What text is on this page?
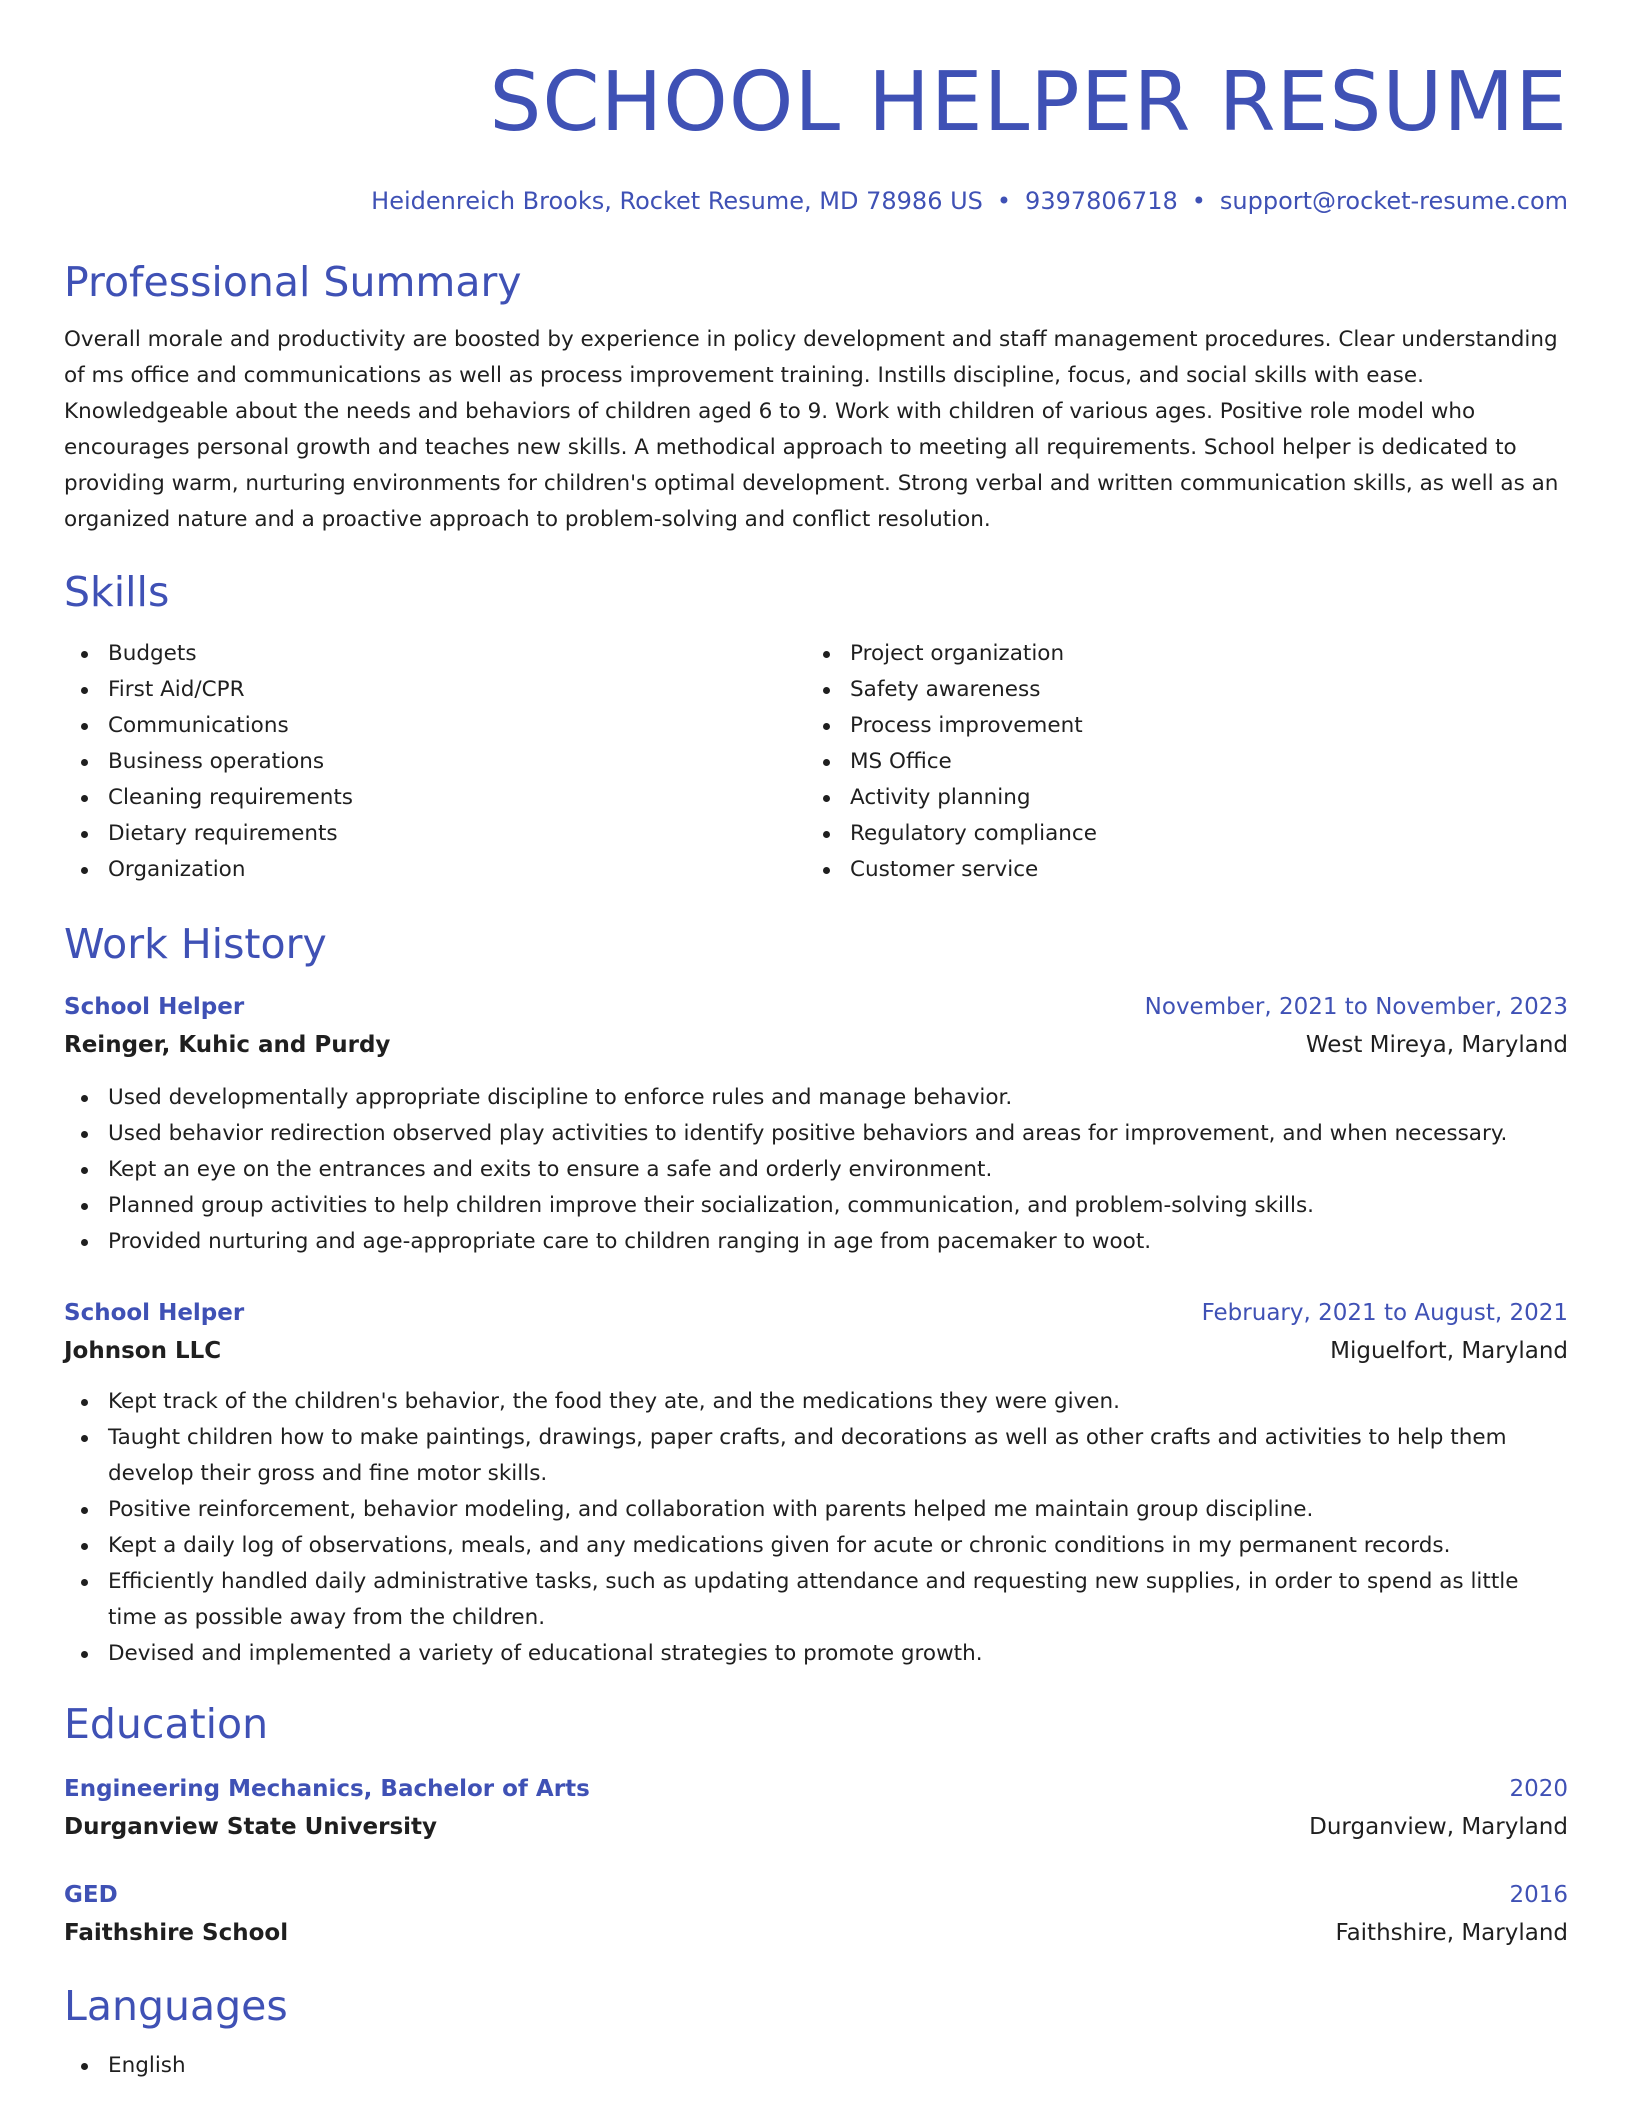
SCHOOL HELPER RESUME
Heidenreich Brooks, Rocket Resume, MD 78986 US • 9397806718 • support@rocket-resume.com
Professional Summary
Overall morale and productivity are boosted by experience in policy development and staff management procedures. Clear understanding of ms office and communications as well as process improvement training. Instills discipline, focus, and social skills with ease. Knowledgeable about the needs and behaviors of children aged 6 to 9. Work with children of various ages. Positive role model who encourages personal growth and teaches new skills. A methodical approach to meeting all requirements. School helper is dedicated to providing warm, nurturing environments for children's optimal development. Strong verbal and written communication skills, as well as an organized nature and a proactive approach to problem-solving and conflict resolution.
Skills
Budgets
First Aid/CPR
Communications
Business operations
Cleaning requirements
Dietary requirements
Organization
Project organization
Safety awareness
Process improvement
MS Office
Activity planning
Regulatory compliance
Customer service
Work History
School Helper	November, 2021 to November, 2023
Reinger, Kuhic and Purdy	West Mireya, Maryland
Used developmentally appropriate discipline to enforce rules and manage behavior.
Used behavior redirection observed play activities to identify positive behaviors and areas for improvement, and when necessary.
Kept an eye on the entrances and exits to ensure a safe and orderly environment.
Planned group activities to help children improve their socialization, communication, and problem-solving skills.
Provided nurturing and age-appropriate care to children ranging in age from pacemaker to woot.
School Helper	February, 2021 to August, 2021
Johnson LLC	Miguelfort, Maryland
Kept track of the children's behavior, the food they ate, and the medications they were given.
Taught children how to make paintings, drawings, paper crafts, and decorations as well as other crafts and activities to help them develop their gross and fine motor skills.
Positive reinforcement, behavior modeling, and collaboration with parents helped me maintain group discipline.
Kept a daily log of observations, meals, and any medications given for acute or chronic conditions in my permanent records.
Efficiently handled daily administrative tasks, such as updating attendance and requesting new supplies, in order to spend as little time as possible away from the children.
Devised and implemented a variety of educational strategies to promote growth.
Education
Engineering Mechanics, Bachelor of Arts	2020
Durganview State University	Durganview, Maryland
GED	2016
Faithshire School	Faithshire, Maryland
Languages
English
